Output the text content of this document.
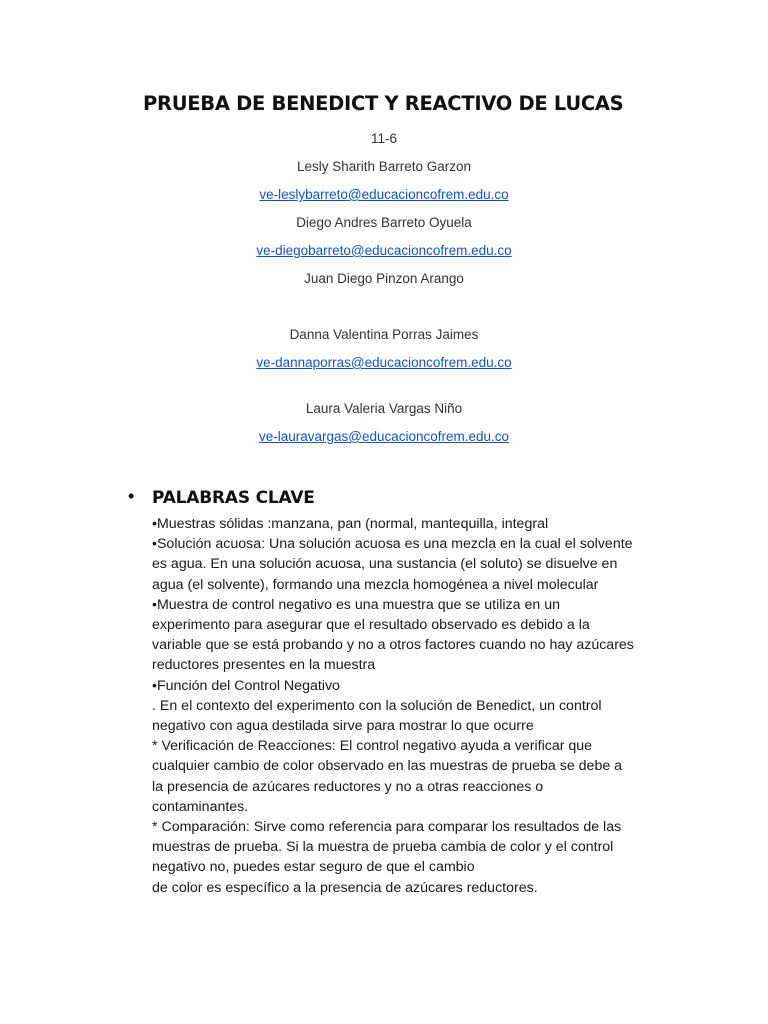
PRUEBA DE BENEDICT Y REACTIVO DE LUCAS
11-6
Lesly Sharith Barreto Garzon
ve-leslybarreto@educacioncofrem.edu.co
Diego Andres Barreto Oyuela
ve-diegobarreto@educacioncofrem.edu.co
Juan Diego Pinzon Arango
Danna Valentina Porras Jaimes
ve-dannaporras@educacioncofrem.edu.co
Laura Valeria Vargas Niño
ve-lauravargas@educacioncofrem.edu.co
• PALABRAS CLAVE
•Muestras sólidas :manzana, pan (normal, mantequilla, integral
•Solución acuosa: Una solución acuosa es una mezcla en la cual el solvente
es agua. En una solución acuosa, una sustancia (el soluto) se disuelve en
agua (el solvente), formando una mezcla homogénea a nivel molecular
•Muestra de control negativo es una muestra que se utiliza en un
experimento para asegurar que el resultado observado es debido a la
variable que se está probando y no a otros factores cuando no hay azúcares
reductores presentes en la muestra
•Función del Control Negativo
. En el contexto del experimento con la solución de Benedict, un control
negativo con agua destilada sirve para mostrar lo que ocurre
* Verificación de Reacciones: El control negativo ayuda a verificar que
cualquier cambio de color observado en las muestras de prueba se debe a
la presencia de azúcares reductores y no a otras reacciones o
contaminantes.
* Comparación: Sirve como referencia para comparar los resultados de las
muestras de prueba. Si la muestra de prueba cambia de color y el control
negativo no, puedes estar seguro de que el cambio
de color es específico a la presencia de azúcares reductores.
